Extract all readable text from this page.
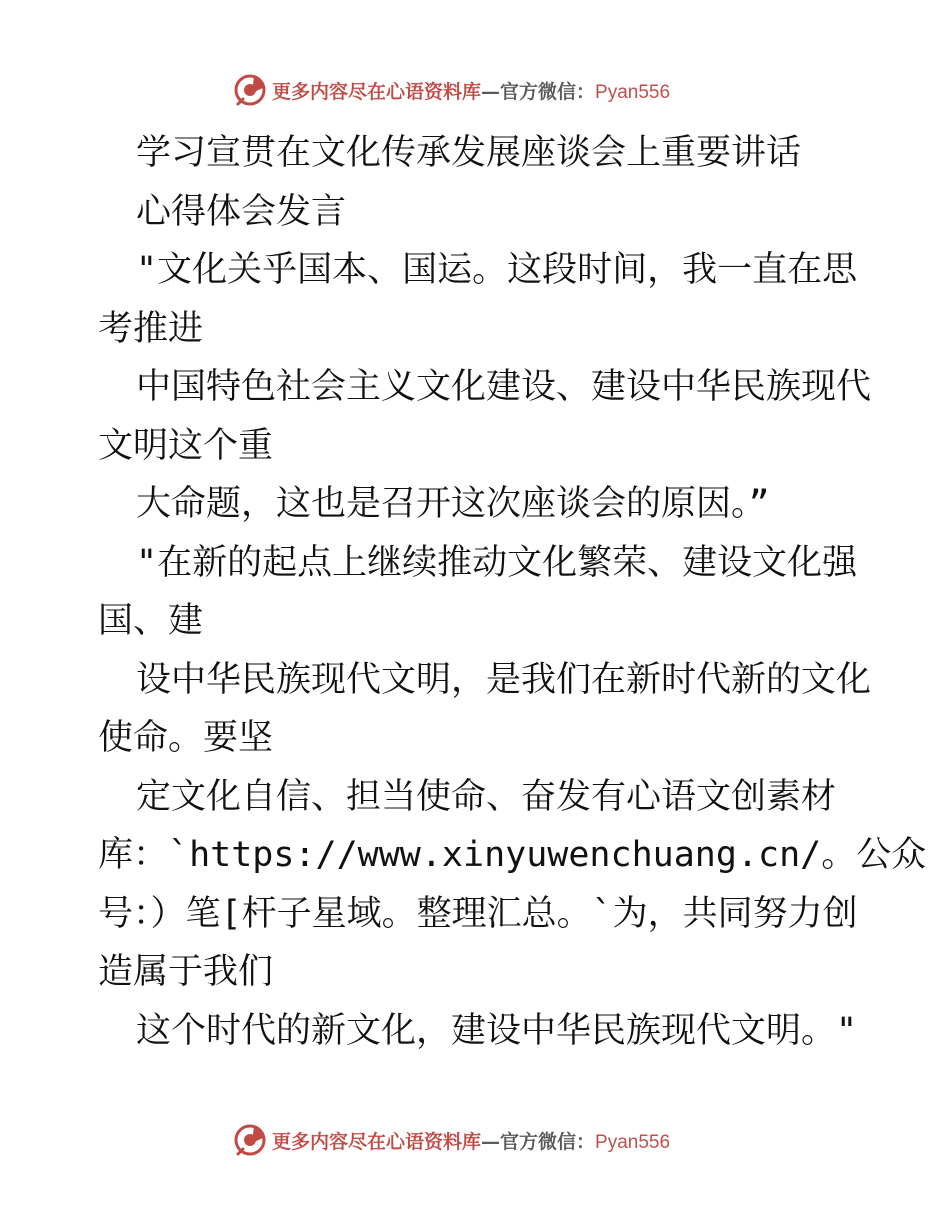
更多内容尽在心语资料库—官方微信：Pyan556
学习宣贯在文化传承发展座谈会上重要讲话
心得体会发言
"文化关乎国本、国运。这段时间，我一直在思
考推进
中国特色社会主义文化建设、建设中华民族现代
文明这个重
大命题，这也是召开这次座谈会的原因。”
"在新的起点上继续推动文化繁荣、建设文化强
国、建
设中华民族现代文明，是我们在新时代新的文化
使命。要坚
定文化自信、担当使命、奋发有心语文创素材
库：`https://www.xinyuwenchuang.cn/。公众
号：）笔[杆子星域。整理汇总。`为，共同努力创
造属于我们
这个时代的新文化，建设中华民族现代文明。"
更多内容尽在心语资料库—官方微信：Pyan556
